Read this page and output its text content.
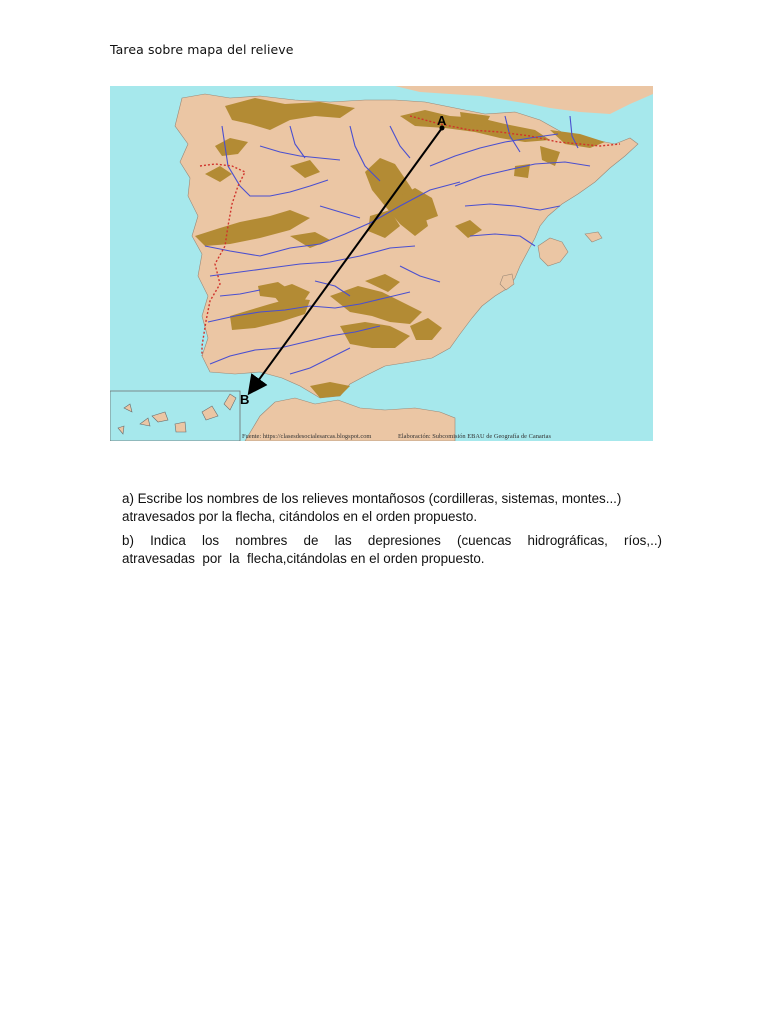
Tarea sobre mapa del relieve
A
B
Fuente: https://clasesdesocialesarcas.blogspot.com	Elaboración: Subcomisión EBAU de Geografía de Canarias
a) Escribe los nombres de los relieves montañosos (cordilleras, sistemas, montes...)
atravesados por la flecha, citándolos en el orden propuesto.
b)  Indica  los  nombres  de  las  depresiones  (cuencas  hidrográficas,  ríos,..)
atravesadas  por  la  flecha,citándolas en el orden propuesto.
